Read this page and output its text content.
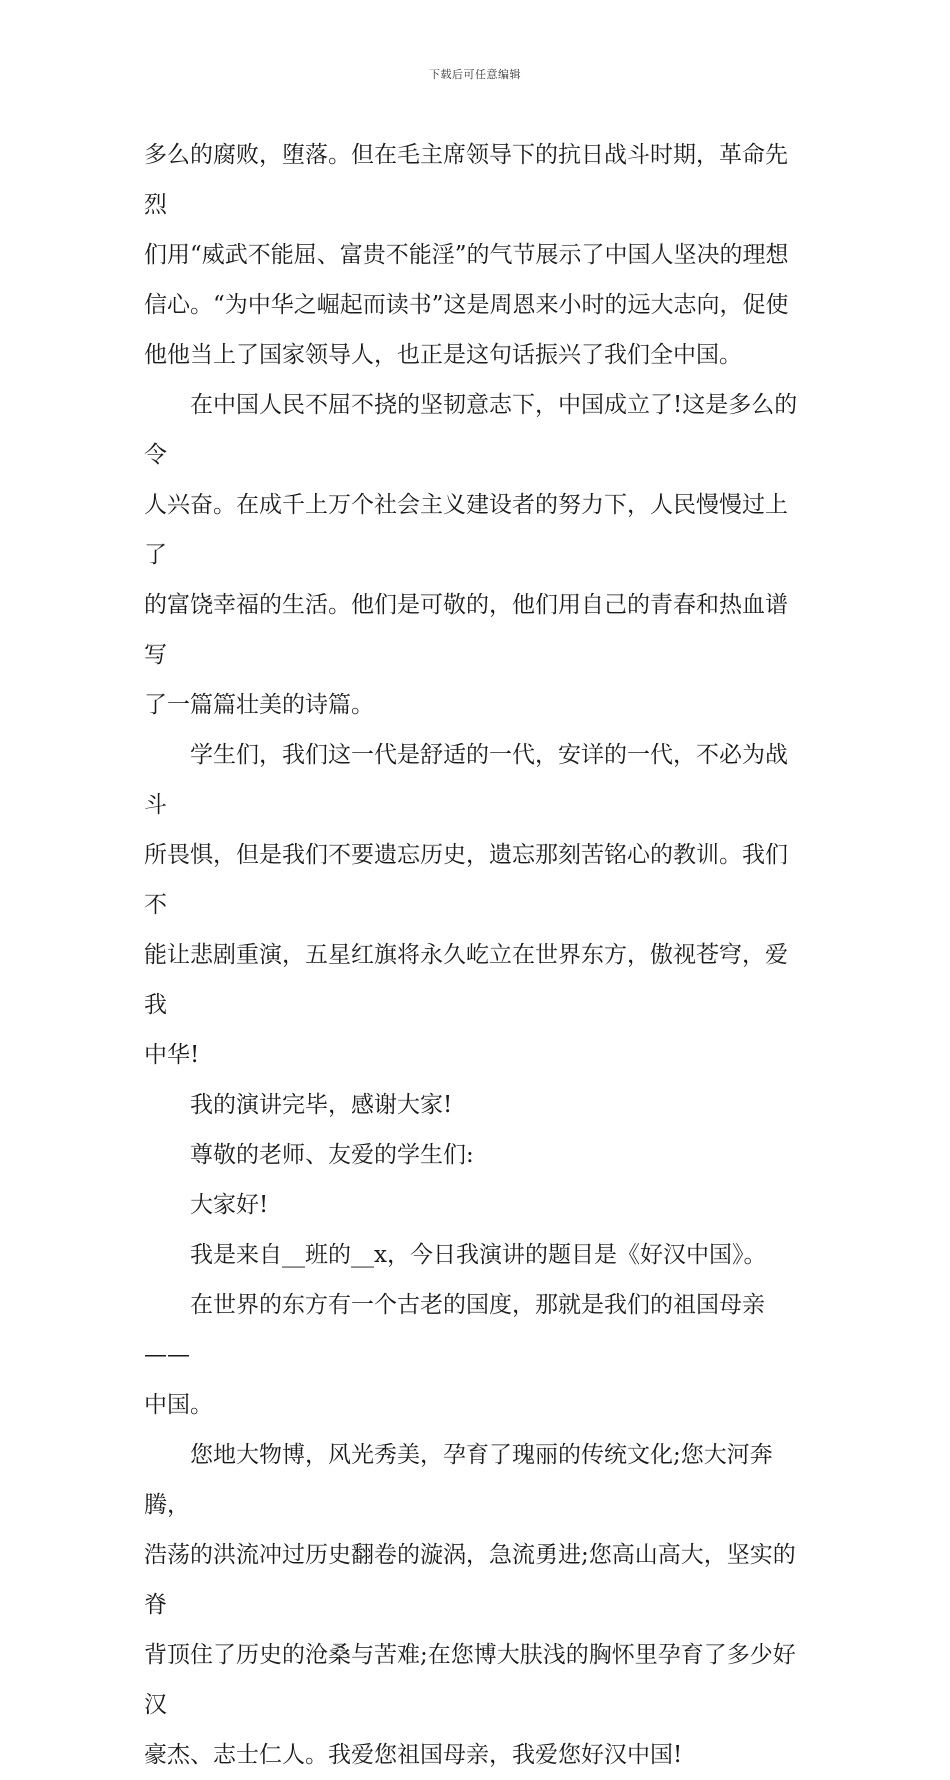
下载后可任意编辑

多么的腐败，堕落。但在毛主席领导下的抗日战斗时期，革命先烈
们用“威武不能屈、富贵不能淫”的气节展示了中国人坚决的理想
信心。“为中华之崛起而读书”这是周恩来小时的远大志向，促使
他他当上了国家领导人，也正是这句话振兴了我们全中国。

在中国人民不屈不挠的坚韧意志下，中国成立了!这是多么的令
人兴奋。在成千上万个社会主义建设者的努力下，人民慢慢过上了
的富饶幸福的生活。他们是可敬的，他们用自己的青春和热血谱写
了一篇篇壮美的诗篇。

学生们，我们这一代是舒适的一代，安详的一代，不必为战斗
所畏惧，但是我们不要遗忘历史，遗忘那刻苦铭心的教训。我们不
能让悲剧重演，五星红旗将永久屹立在世界东方，傲视苍穹，爱我
中华!

我的演讲完毕，感谢大家!

尊敬的老师、友爱的学生们:

大家好!

我是来自__班的__x，今日我演讲的题目是《好汉中国》。

在世界的东方有一个古老的国度，那就是我们的祖国母亲——
中国。

您地大物博，风光秀美，孕育了瑰丽的传统文化;您大河奔腾，
浩荡的洪流冲过历史翻卷的漩涡，急流勇进;您高山高大，坚实的脊
背顶住了历史的沧桑与苦难;在您博大肤浅的胸怀里孕育了多少好汉
豪杰、志士仁人。我爱您祖国母亲，我爱您好汉中国!
